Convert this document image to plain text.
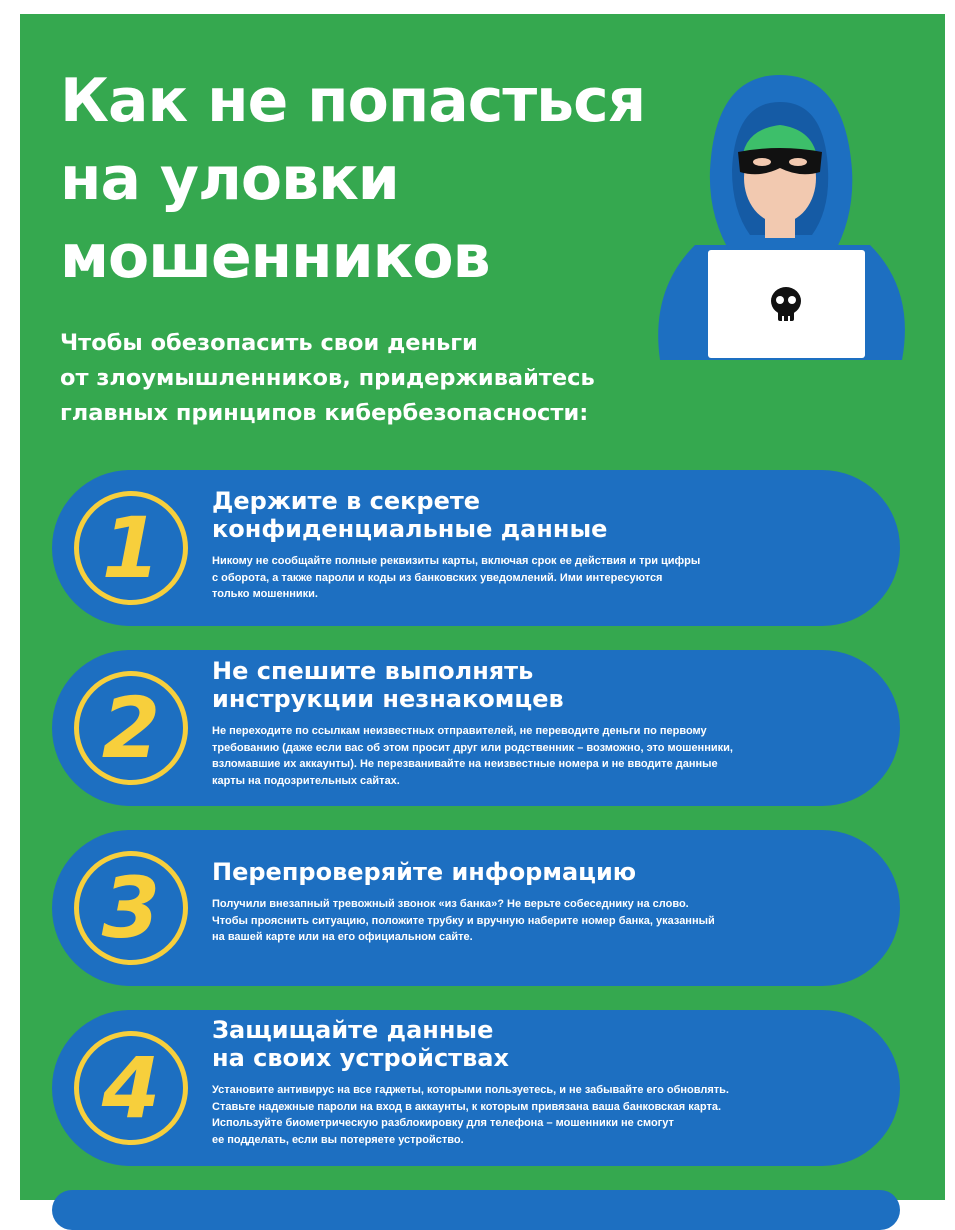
Как не попасться
на уловки
мошенников
Чтобы обезопасить свои деньги
от злоумышленников, придерживайтесь
главных принципов кибербезопасности:
1	Держите в секрете
конфиденциальные данные
Никому не сообщайте полные реквизиты карты, включая срок ее действия и три цифры
с оборота, а также пароли и коды из банковских уведомлений. Ими интересуются
только мошенники.
2
Не спешите выполнять
инструкции незнакомцев
Не переходите по ссылкам неизвестных отправителей, не переводите деньги по первому
требованию (даже если вас об этом просит друг или родственник – возможно, это мошенники,
взломавшие их аккаунты). Не перезванивайте на неизвестные номера и не вводите данные
карты на подозрительных сайтах.
3	Перепроверяйте информацию
Получили внезапный тревожный звонок «из банка»? Не верьте собеседнику на слово.
Чтобы прояснить ситуацию, положите трубку и вручную наберите номер банка, указанный
на вашей карте или на его официальном сайте.
4
Защищайте данные
на своих устройствах
Установите антивирус на все гаджеты, которыми пользуетесь, и не забывайте его обновлять.
Ставьте надежные пароли на вход в аккаунты, к которым привязана ваша банковская карта.
Используйте биометрическую разблокировку для телефона – мошенники не смогут
ее подделать, если вы потеряете устройство.
